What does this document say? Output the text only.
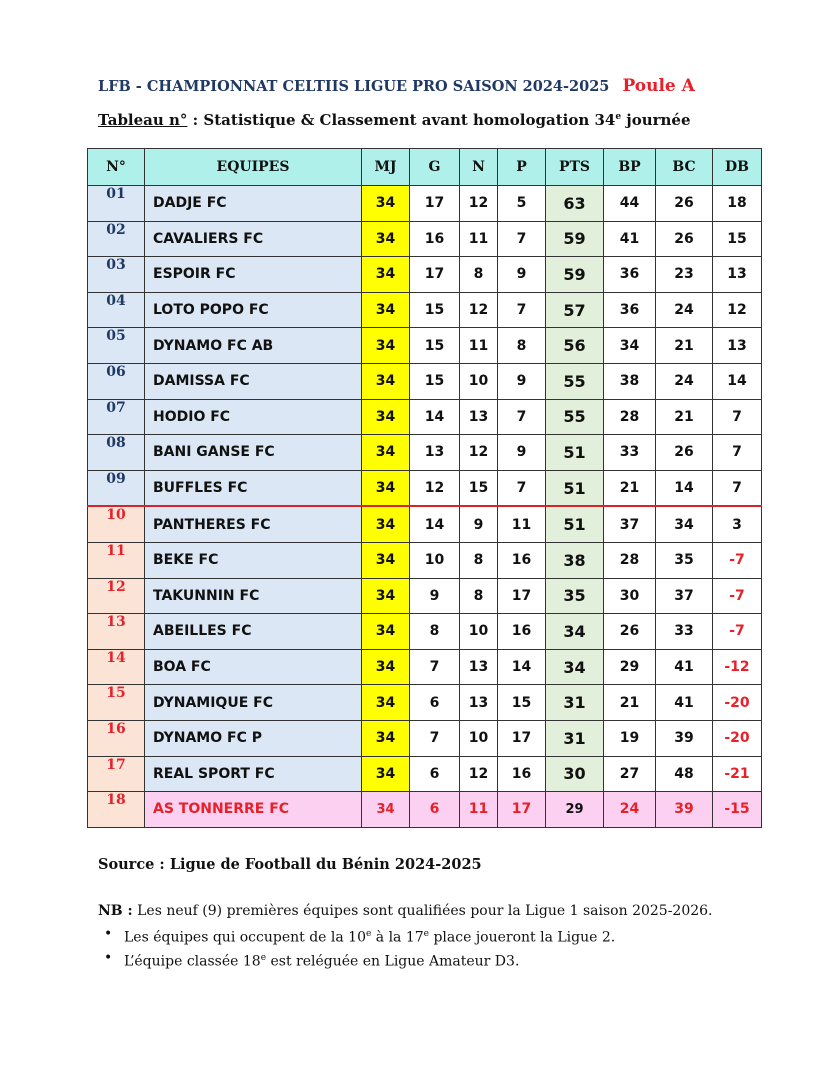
LFB - CHAMPIONNAT CELTIIS LIGUE PRO SAISON 2024-2025 Poule A
Tableau n° : Statistique & Classement avant homologation 34e journée
N°	EQUIPES	MJ	G	N	P	PTS	BP	BC	DB
01	DADJE FC	34	17	12	5	63	44	26	18
02	CAVALIERS FC	34	16	11	7	59	41	26	15
03	ESPOIR FC	34	17	8	9	59	36	23	13
04	LOTO POPO FC	34	15	12	7	57	36	24	12
05	DYNAMO FC AB	34	15	11	8	56	34	21	13
06	DAMISSA FC	34	15	10	9	55	38	24	14
07	HODIO FC	34	14	13	7	55	28	21	7
08	BANI GANSE FC	34	13	12	9	51	33	26	7
09	BUFFLES FC	34	12	15	7	51	21	14	7
10	PANTHERES FC	34	14	9	11	51	37	34	3
11	BEKE FC	34	10	8	16	38	28	35	-7
12	TAKUNNIN FC	34	9	8	17	35	30	37	-7
13	ABEILLES FC	34	8	10	16	34	26	33	-7
14	BOA FC	34	7	13	14	34	29	41	-12
15	DYNAMIQUE FC	34	6	13	15	31	21	41	-20
16	DYNAMO FC P	34	7	10	17	31	19	39	-20
17	REAL SPORT FC	34	6	12	16	30	27	48	-21
18	AS TONNERRE FC	34	6	11	17	29	24	39	-15
Source : Ligue de Football du Bénin 2024-2025
NB : Les neuf (9) premières équipes sont qualifiées pour la Ligue 1 saison 2025-2026.
• Les équipes qui occupent de la 10e à la 17e place joueront la Ligue 2.
• L’équipe classée 18e est reléguée en Ligue Amateur D3.
